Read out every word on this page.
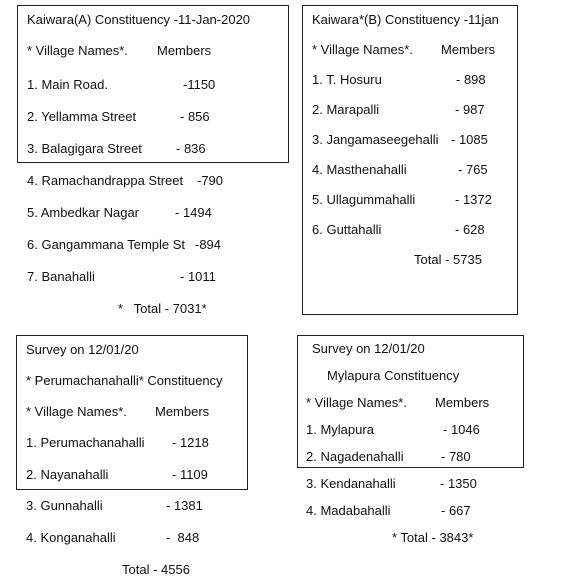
Kaiwara(A) Constituency -11-Jan-2020
* Village Names*. Members
1. Main Road.	-1150
2. Yellamma Street	- 856
3. Balagigara Street	- 836
4. Ramachandrappa Street -790
5. Ambedkar Nagar	- 1494
6. Gangammana Temple St -894
7. Banahalli	- 1011
*   Total - 7031*
Kaiwara*(B) Constituency -11jan
* Village Names*. Members
1. T. Hosuru	- 898
2. Marapalli	- 987
3. Jangamaseegehalli - 1085
4. Masthenahalli	- 765
5. Ullagummahalli	- 1372
6. Guttahalli	- 628
Total - 5735
Survey on 12/01/20
* Perumachanahalli* Constituency
* Village Names*. Members
1. Perumachanahalli - 1218
2. Nayanahalli	- 1109
3. Gunnahalli	- 1381
4. Konganahalli	-  848
Total - 4556
Survey on 12/01/20
Mylapura Constituency
* Village Names*. Members
1. Mylapura	- 1046
2. Nagadenahalli	- 780
3. Kendanahalli	- 1350
4. Madabahalli	- 667
* Total - 3843*
